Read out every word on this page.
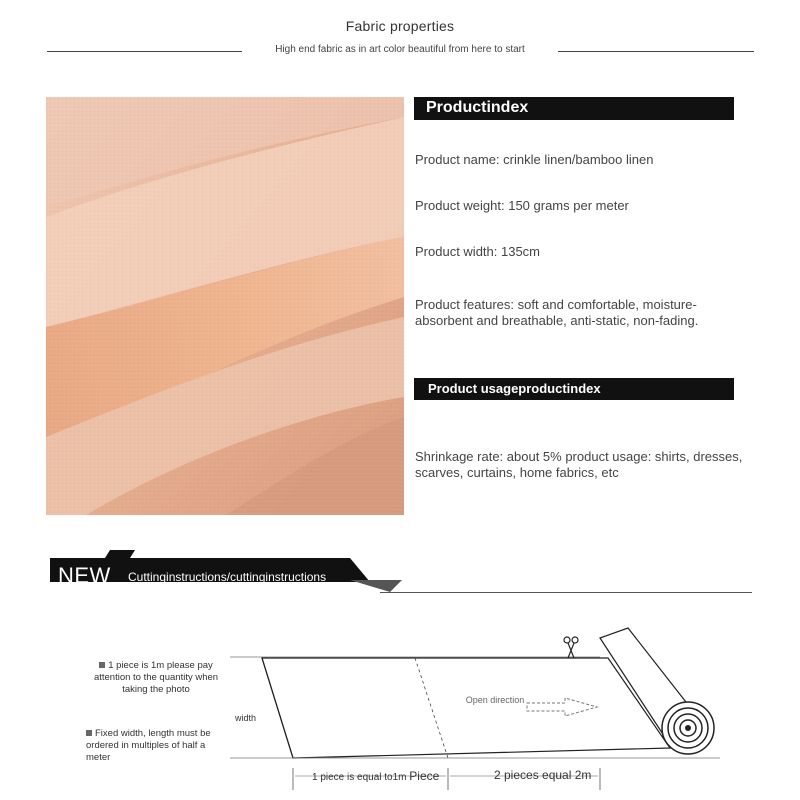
Fabric properties
High end fabric as in art color beautiful from here to start
Productindex
Product name: crinkle linen/bamboo linen
Product weight: 150 grams per meter
Product width: 135cm
Product features: soft and comfortable, moisture-absorbent and breathable, anti-static, non-fading.
Product usageproductindex
Shrinkage rate: about 5% product usage: shirts, dresses, scarves, curtains, home fabrics, etc
NEW Cuttinginstructions/cuttinginstructions
1 piece is 1m please pay attention to the quantity when taking the photo
Fixed width, length must be ordered in multiples of half a meter
width
Open direction
1 piece is equal to1m Piece	2 pieces equal 2m
